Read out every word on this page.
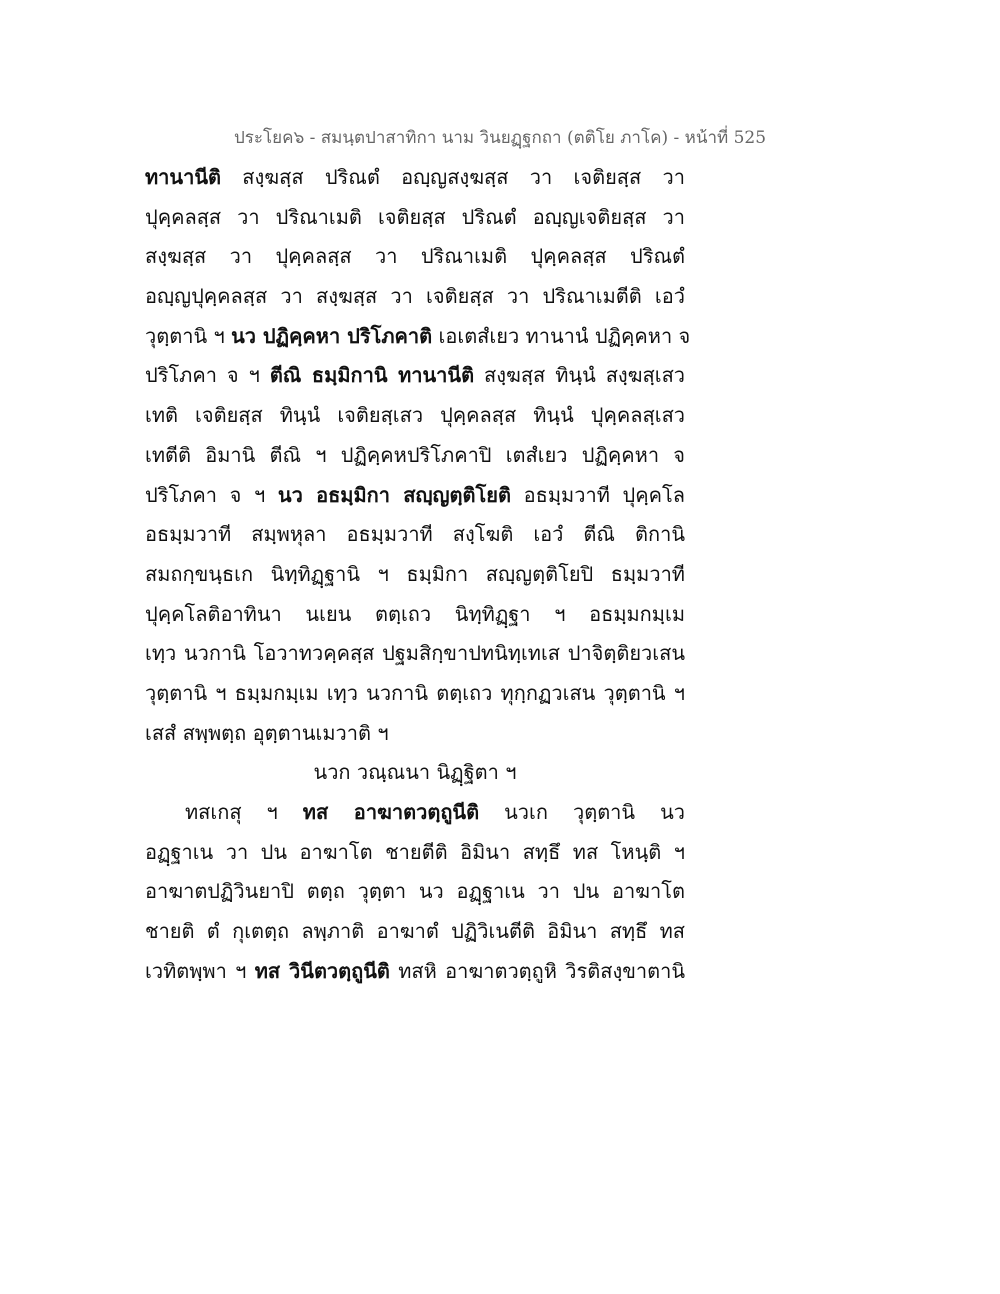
ประโยค๖ - สมนฺตปาสาทิกา นาม วินยฏฺฐกถา (ตติโย ภาโค) - หน้าที่ 525
ทานานีติ สงฺฆสฺส ปริณตํ อญฺญสงฺฆสฺส วา เจติยสฺส วา
ปุคฺคลสฺส วา ปริณาเมติ เจติยสฺส ปริณตํ อญฺญเจติยสฺส วา
สงฺฆสฺส วา ปุคฺคลสฺส วา ปริณาเมติ ปุคฺคลสฺส ปริณตํ
อญฺญปุคฺคลสฺส วา สงฺฆสฺส วา เจติยสฺส วา ปริณาเมตีติ เอวํ
วุตฺตานิ ฯ นว ปฏิคฺคหา ปริโภคาติ เอเตสํเยว ทานานํ ปฏิคฺคหา จ
ปริโภคา จ ฯ ตีณิ ธมฺมิกานิ ทานานีติ สงฺฆสฺส ทินฺนํ สงฺฆสฺเสว
เทติ เจติยสฺส ทินฺนํ เจติยสฺเสว ปุคฺคลสฺส ทินฺนํ ปุคฺคลสฺเสว
เทตีติ อิมานิ ตีณิ ฯ ปฏิคฺคหปริโภคาปิ เตสํเยว ปฏิคฺคหา จ
ปริโภคา จ ฯ นว อธมฺมิกา สญฺญตฺติโยติ อธมฺมวาที ปุคฺคโล
อธมฺมวาที สมฺพหุลา อธมฺมวาที สงฺโฆติ เอวํ ตีณิ ติกานิ
สมถกฺขนฺธเก นิทฺทิฏฺฐานิ ฯ ธมฺมิกา สญฺญตฺติโยปิ ธมฺมวาที
ปุคฺคโลติอาทินา นเยน ตตฺเถว นิทฺทิฏฺฐา ฯ อธมฺมกมฺเม
เทฺว นวกานิ โอวาทวคฺคสฺส ปฐมสิกฺขาปทนิทฺเทเส ปาจิตฺติยวเสน
วุตฺตานิ ฯ ธมฺมกมฺเม เทฺว นวกานิ ตตฺเถว ทุกฺกฏวเสน วุตฺตานิ ฯ
เสสํ สพฺพตฺถ อุตฺตานเมวาติ ฯ
นวก วณฺณนา นิฏฺฐิตา ฯ
ทสเกสุ ฯ ทส อาฆาตวตฺถูนีติ นวเก วุตฺตานิ นว
อฏฺฐาเน วา ปน อาฆาโต ชายตีติ อิมินา สทฺธึ ทส โหนฺติ ฯ
อาฆาตปฏิวินยาปิ ตตฺถ วุตฺตา นว อฏฺฐาเน วา ปน อาฆาโต
ชายติ ตํ กุเตตฺถ ลพฺภาติ อาฆาตํ ปฏิวิเนตีติ อิมินา สทฺธึ ทส
เวทิตพฺพา ฯ ทส วินีตวตฺถูนีติ ทสหิ อาฆาตวตฺถูหิ วิรติสงฺขาตานิ
